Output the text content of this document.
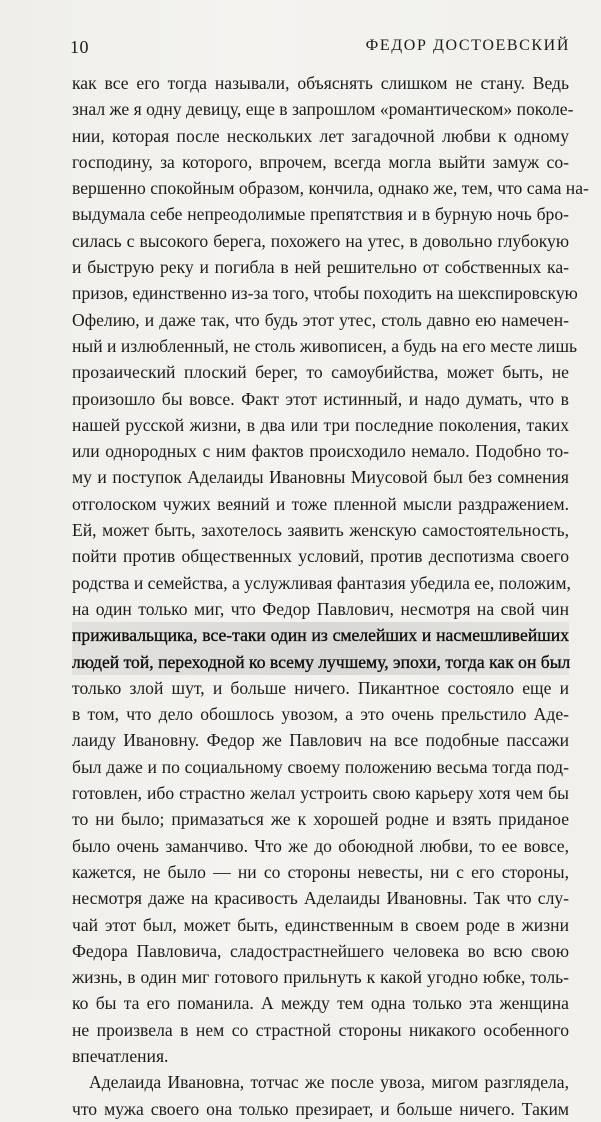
10	ФЕДОР ДОСТОЕВСКИЙ
как все его тогда называли, объяснять слишком не стану. Ведь
знал же я одну девицу, еще в запрошлом «романтическом» поколе-
нии, которая после нескольких лет загадочной любви к одному
господину, за которого, впрочем, всегда могла выйти замуж со-
вершенно спокойным образом, кончила, однако же, тем, что сама на-
выдумала себе непреодолимые препятствия и в бурную ночь бро-
силась с высокого берега, похожего на утес, в довольно глубокую
и быструю реку и погибла в ней решительно от собственных ка-
призов, единственно из-за того, чтобы походить на шекспировскую
Офелию, и даже так, что будь этот утес, столь давно ею намечен-
ный и излюбленный, не столь живописен, а будь на его месте лишь
прозаический плоский берег, то самоубийства, может быть, не
произошло бы вовсе. Факт этот истинный, и надо думать, что в
нашей русской жизни, в два или три последние поколения, таких
или однородных с ним фактов происходило немало. Подобно то-
му и поступок Аделаиды Ивановны Миусовой был без сомнения
отголоском чужих веяний и тоже пленной мысли раздражением.
Ей, может быть, захотелось заявить женскую самостоятельность,
пойти против общественных условий, против деспотизма своего
родства и семейства, а услужливая фантазия убедила ее, положим,
на один только миг, что Федор Павлович, несмотря на свой чин
приживальщика, все-таки один из смелейших и насмешливейших
людей той, переходной ко всему лучшему, эпохи, тогда как он был
только злой шут, и больше ничего. Пикантное состояло еще и
в том, что дело обошлось увозом, а это очень прельстило Аде-
лаиду Ивановну. Федор же Павлович на все подобные пассажи
был даже и по социальному своему положению весьма тогда под-
готовлен, ибо страстно желал устроить свою карьеру хотя чем бы
то ни было; примазаться же к хорошей родне и взять приданое
было очень заманчиво. Что же до обоюдной любви, то ее вовсе,
кажется, не было — ни со стороны невесты, ни с его стороны,
несмотря даже на красивость Аделаиды Ивановны. Так что слу-
чай этот был, может быть, единственным в своем роде в жизни
Федора Павловича, сладострастнейшего человека во всю свою
жизнь, в один миг готового прильнуть к какой угодно юбке, толь-
ко бы та его поманила. А между тем одна только эта женщина
не произвела в нем со страстной стороны никакого особенного
впечатления.
Аделаида Ивановна, тотчас же после увоза, мигом разглядела,
что мужа своего она только презирает, и больше ничего. Таким
